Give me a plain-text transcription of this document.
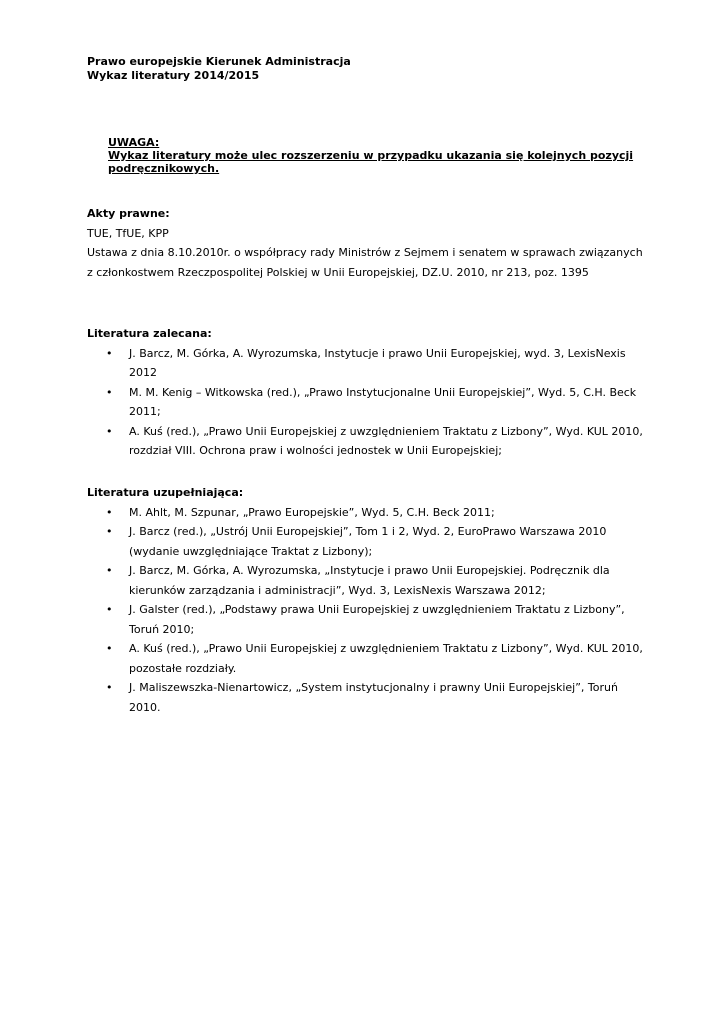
Prawo europejskie Kierunek Administracja
Wykaz literatury 2014/2015
UWAGA:
Wykaz literatury może ulec rozszerzeniu w przypadku ukazania się kolejnych pozycji podręcznikowych.

Akty prawne:

TUE, TfUE, KPP

Ustawa z dnia 8.10.2010r. o współpracy rady Ministrów z Sejmem i senatem w sprawach związanych z członkostwem Rzeczpospolitej Polskiej w Unii Europejskiej, DZ.U. 2010, nr 213, poz. 1395

Literatura zalecana:

• J. Barcz, M. Górka, A. Wyrozumska, Instytucje i prawo Unii Europejskiej, wyd. 3, LexisNexis 2012
• M. M. Kenig – Witkowska (red.), „Prawo Instytucjonalne Unii Europejskiej”, Wyd. 5, C.H. Beck 2011;
• A. Kuś (red.), „Prawo Unii Europejskiej z uwzględnieniem Traktatu z Lizbony”, Wyd. KUL 2010, rozdział VIII. Ochrona praw i wolności jednostek w Unii Europejskiej;

Literatura uzupełniająca:

• M. Ahlt, M. Szpunar, „Prawo Europejskie”, Wyd. 5, C.H. Beck 2011;
• J. Barcz (red.), „Ustrój Unii Europejskiej”, Tom 1 i 2, Wyd. 2, EuroPrawo Warszawa 2010 (wydanie uwzględniające Traktat z Lizbony);
• J. Barcz, M. Górka, A. Wyrozumska, „Instytucje i prawo Unii Europejskiej. Podręcznik dla kierunków zarządzania i administracji”, Wyd. 3, LexisNexis Warszawa 2012;
• J. Galster (red.), „Podstawy prawa Unii Europejskiej z uwzględnieniem Traktatu z Lizbony”, Toruń 2010;
• A. Kuś (red.), „Prawo Unii Europejskiej z uwzględnieniem Traktatu z Lizbony”, Wyd. KUL 2010, pozostałe rozdziały.
• J. Maliszewszka-Nienartowicz, „System instytucjonalny i prawny Unii Europejskiej”, Toruń 2010.
